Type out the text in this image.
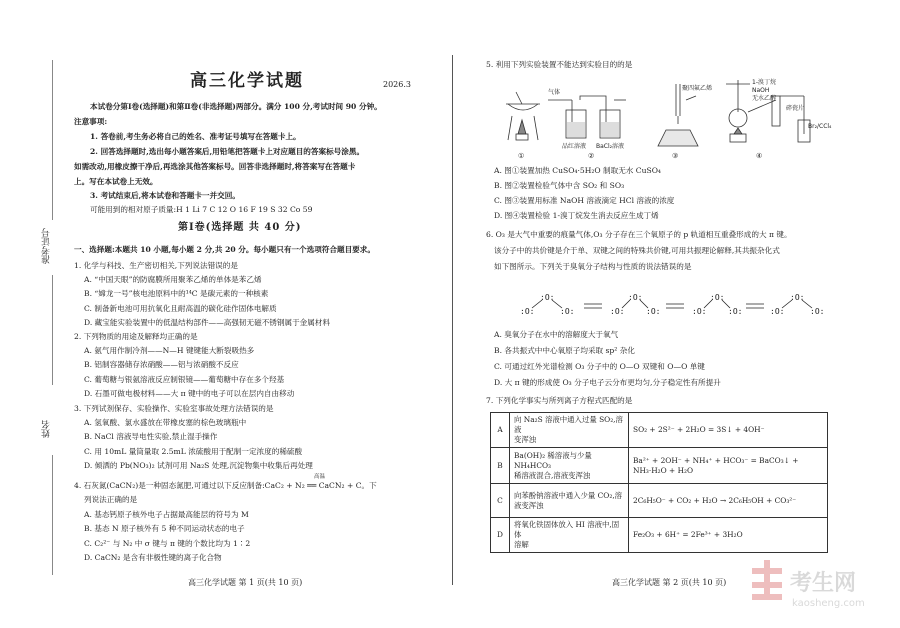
准考证号
姓名
高三化学试题	2026.3
本试卷分第Ⅰ卷(选择题)和第Ⅱ卷(非选择题)两部分。满分 100 分,考试时间 90 分钟。
注意事项:
1. 答卷前,考生务必将自己的姓名、准考证号填写在答题卡上。
2. 回答选择题时,选出每小题答案后,用铅笔把答题卡上对应题目的答案标号涂黑。
如需改动,用橡皮擦干净后,再选涂其他答案标号。回答非选择题时,将答案写在答题卡
上。写在本试卷上无效。
3. 考试结束后,将本试卷和答题卡一并交回。
可能用到的相对原子质量:H 1 Li 7 C 12 O 16 F 19 S 32 Co 59
第Ⅰ卷(选择题 共 40 分)
一、选择题:本题共 10 小题,每小题 2 分,共 20 分。每小题只有一个选项符合题目要求。
1. 化学与科技、生产密切相关,下列说法错误的是
A. “中国天眼”的防腐膜所用聚苯乙烯的单体是苯乙烯
B. “嫦龙一号”核电池原料中的¹⁴C 是碳元素的一种核素
C. 制备新电池可用抗氧化且耐高温的碳化硅作固体电解质
D. 藏宝能实验装置中的低温结构部件——高强韧无磁不锈钢属于金属材料
2. 下列物质的用途及解释均正确的是
A. 氨气用作制冷剂——N—H 键键能大断裂吸热多
B. 铝制容器储存浓硝酸——铝与浓硝酸不反应
C. 葡萄糖与银氨溶液反应制银镜——葡萄糖中存在多个羟基
D. 石墨可做电极材料——大 π 键中的电子可以在层内自由移动
3. 下列试剂保存、实验操作、实验室事故处理方法错误的是
A. 氢氧酸、氯水盛放在带橡皮塞的棕色玻璃瓶中
B. NaCl 溶液导电性实验,禁止湿手操作
C. 用 10mL 量筒量取 2.5mL 浓硫酸用于配制一定浓度的稀硫酸
D. 倾洒的 Pb(NO₃)₂ 试剂可用 Na₂S 处理,沉淀物集中收集后再处理
高温
4. 石灰氮(CaCN₂)是一种固态氮肥,可通过以下反应制备:CaC₂ + N₂ ══ CaCN₂ + C。下
列说法正确的是
A. 基态钙原子核外电子占据最高能层的符号为 M
B. 基态 N 原子核外有 5 种不同运动状态的电子
C. C₂²⁻ 与 N₂ 中 σ 键与 π 键的个数比均为 1∶2
D. CaCN₂ 是含有非极性键的离子化合物
高三化学试题 第 1 页(共 10 页)
5. 利用下列实验装置不能达到实验目的的是
气体
品红溶液 BaCl₂溶液
聚四氟乙烯
1-溴丁烷
NaOH
无水乙醇
碎瓷片
Br₂/CCl₄
①	②	③	④
A. 图①装置加热 CuSO₄·5H₂O 制取无水 CuSO₄
B. 图②装置检验气体中含 SO₂ 和 SO₃
C. 图③装置用标准 NaOH 溶液滴定 HCl 溶液的浓度
D. 图④装置检验 1-溴丁烷发生消去反应生成丁烯
6. O₃ 是大气中重要的痕量气体,O₃ 分子存在三个氧原子的 p 轨道相互重叠形成的大 π 键。
该分子中的共价键是介于单、双键之间的特殊共价键,可用共振理论解释,其共振杂化式
如下图所示。下列关于臭氧分子结构与性质的说法错误的是
:O:
:O:
:O:	:O:
:O:
:O:	:O:
:O:
:O:	:O:
:O:
:O:
A. 臭氧分子在水中的溶解度大于氧气
B. 各共振式中中心氧原子均采取 sp² 杂化
C. 可通过红外光谱检测 O₃ 分子中的 O—O 双键和 O—O 单键
D. 大 π 键的形成使 O₃ 分子电子云分布更均匀,分子稳定性有所提升
7. 下列化学事实与所列离子方程式匹配的是
A	向 Na₂S 溶液中通入过量 SO₂,溶液
变浑浊	SO₂ + 2S²⁻ + 2H₂O = 3S↓ + 4OH⁻
B	Ba(OH)₂ 稀溶液与少量 NH₄HCO₃
稀溶液混合,溶液变浑浊	Ba²⁺ + 2OH⁻ + NH₄⁺ + HCO₃⁻ = BaCO₃↓ +
NH₃·H₂O + H₂O
C	向苯酚钠溶液中通入少量 CO₂,溶
液变浑浊	2C₆H₅O⁻ + CO₂ + H₂O → 2C₆H₅OH + CO₃²⁻
D	将氧化铁固体放入 HI 溶液中,固体
溶解	Fe₂O₃ + 6H⁺ = 2Fe³⁺ + 3H₂O
高三化学试题 第 2 页(共 10 页)	考生网
kaosheng.com
